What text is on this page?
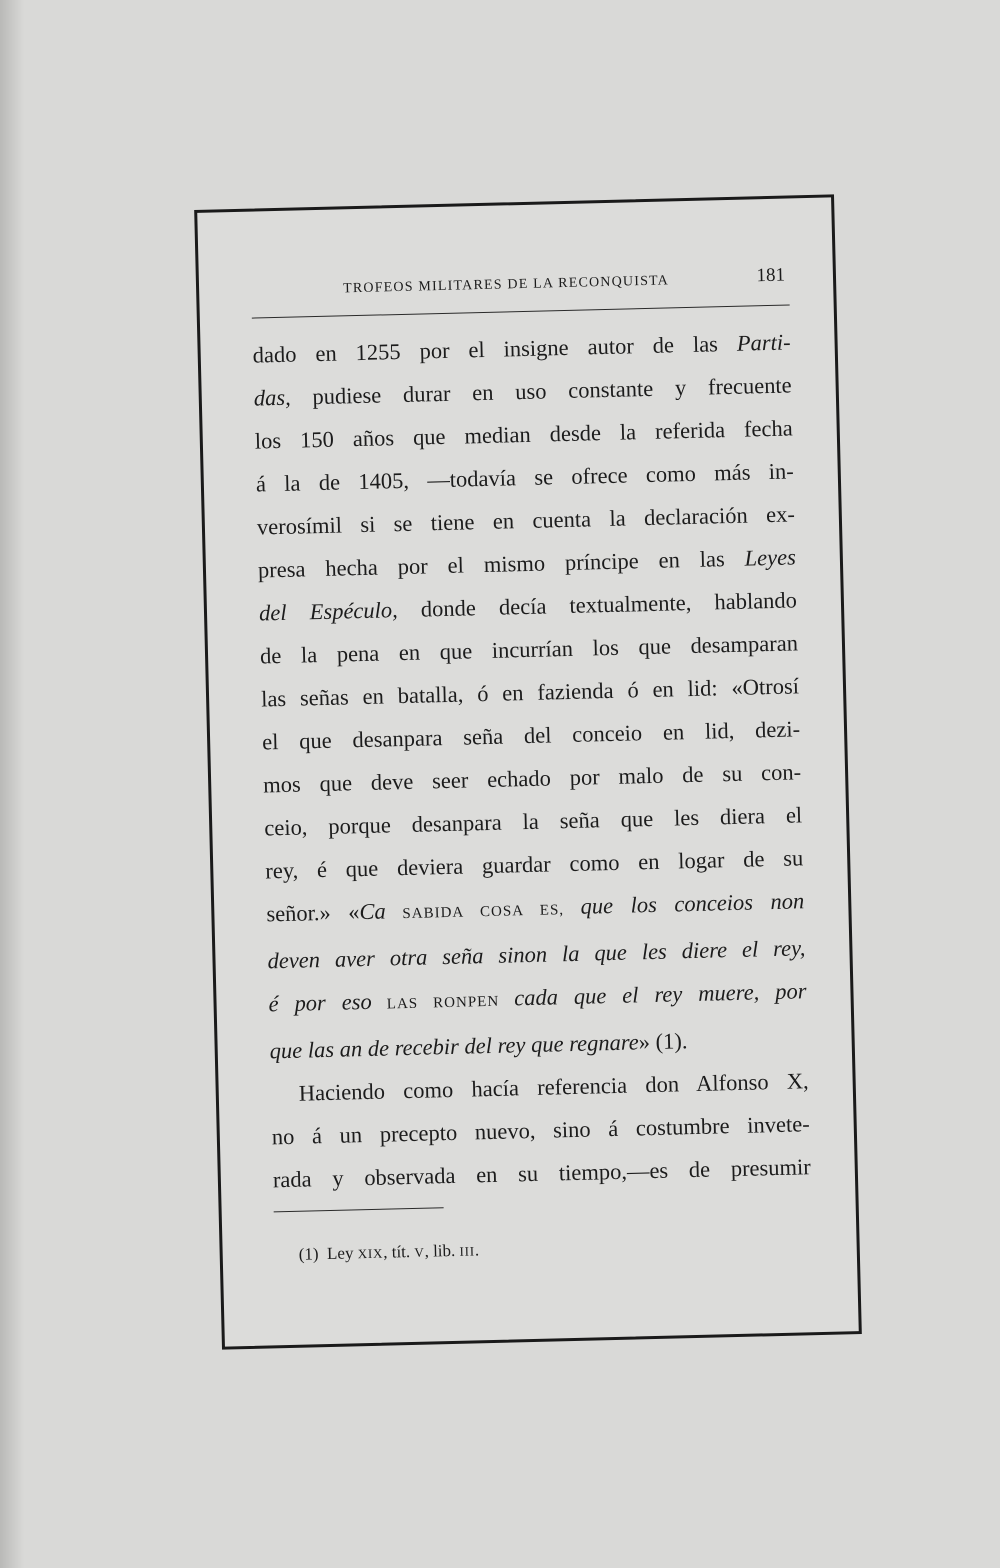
TROFEOS MILITARES DE LA RECONQUISTA	181
dado en 1255 por el insigne autor de las Parti-
das, pudiese durar en uso constante y frecuente
los 150 años que median desde la referida fecha
á la de 1405, —todavía se ofrece como más in-
verosímil si se tiene en cuenta la declaración ex-
presa hecha por el mismo príncipe en las Leyes
del Espéculo, donde decía textualmente, hablando
de la pena en que incurrían los que desamparan
las señas en batalla, ó en fazienda ó en lid: «Otrosí
el que desanpara seña del conceio en lid, dezi-
mos que deve seer echado por malo de su con-
ceio, porque desanpara la seña que les diera el
rey, é que deviera guardar como en logar de su
señor.» «Ca SABIDA COSA ES, que los conceios non
deven aver otra seña sinon la que les diere el rey,
é por eso LAS RONPEN cada que el rey muere, por
que las an de recebir del rey que regnare» (1).
Haciendo como hacía referencia don Alfonso X,
no á un precepto nuevo, sino á costumbre invete-
rada y observada en su tiempo,—es de presumir
(1) Ley XIX, tít. V, lib. III.
